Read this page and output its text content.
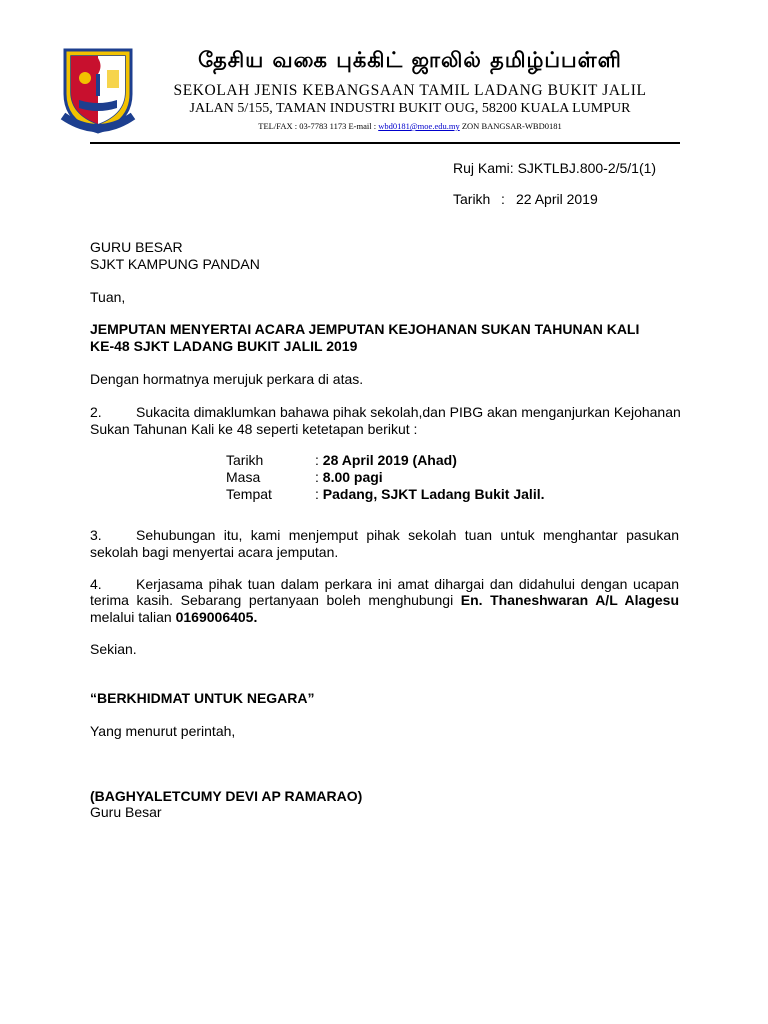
தேசிய வகை புக்கிட் ஜாலில் தமிழ்ப்பள்ளி
SEKOLAH JENIS KEBANGSAAN TAMIL LADANG BUKIT JALIL
JALAN 5/155, TAMAN INDUSTRI BUKIT OUG, 58200 KUALA LUMPUR
TEL/FAX : 03-7783 1173 E-mail : wbd0181@moe.edu.my ZON BANGSAR-WBD0181
Ruj Kami: SJKTLBJ.800-2/5/1(1)
Tarikh : 22 April 2019
GURU BESAR
SJKT KAMPUNG PANDAN
Tuan,
JEMPUTAN MENYERTAI ACARA JEMPUTAN KEJOHANAN SUKAN TAHUNAN KALI
KE-48 SJKT LADANG BUKIT JALIL 2019
Dengan hormatnya merujuk perkara di atas.
2. Sukacita dimaklumkan bahawa pihak sekolah,dan PIBG akan menganjurkan Kejohanan
Sukan Tahunan Kali ke 48 seperti ketetapan berikut :
Tarikh	: 28 April 2019 (Ahad)
Masa	: 8.00 pagi
Tempat	: Padang, SJKT Ladang Bukit Jalil.
3. Sehubungan itu, kami menjemput pihak sekolah tuan untuk menghantar pasukan
sekolah bagi menyertai acara jemputan.
4. Kerjasama pihak tuan dalam perkara ini amat dihargai dan didahului dengan ucapan
terima kasih. Sebarang pertanyaan boleh menghubungi En. Thaneshwaran A/L Alagesu
melalui talian 0169006405.
Sekian.
“BERKHIDMAT UNTUK NEGARA”
Yang menurut perintah,
(BAGHYALETCUMY DEVI AP RAMARAO)
Guru Besar
